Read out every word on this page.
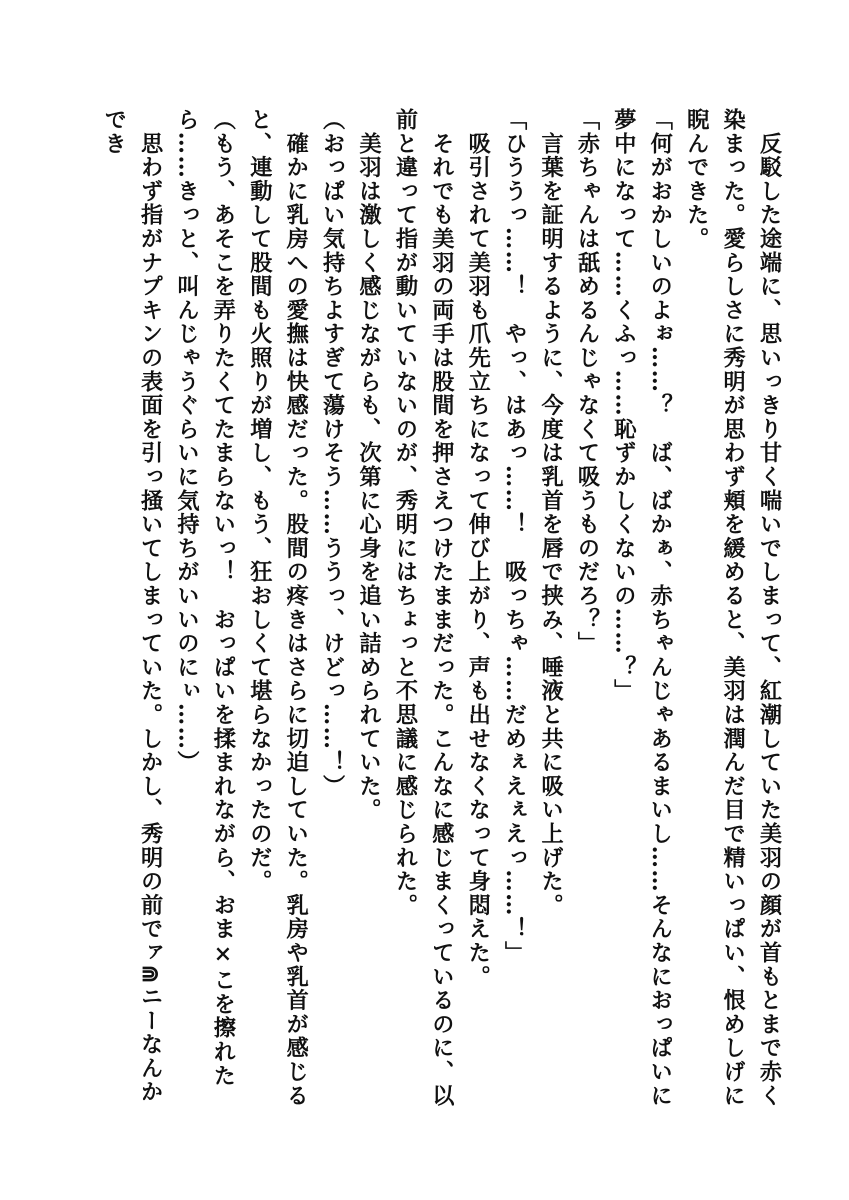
　反駁した途端に、思いっきり甘く喘いでしまって、紅潮していた美羽の顔が首もとまで赤く染まった。愛らしさに秀明が思わず頬を緩めると、美羽は潤んだ目で精いっぱい、恨めしげに睨んできた。

「何がおかしいのよぉ……？　ば、ばかぁ、赤ちゃんじゃあるまいし……そんなにおっぱいに夢中になって……くふっ……恥ずかしくないの……？」

「赤ちゃんは舐めるんじゃなくて吸うものだろ？」

　言葉を証明するように、今度は乳首を唇で挟み、唾液と共に吸い上げた。

「ひううっ……！　やっ、はあっ……！　吸っちゃ……だめぇえぇえっ……！」

　吸引されて美羽も爪先立ちになって伸び上がり、声も出せなくなって身悶えた。

　それでも美羽の両手は股間を押さえつけたままだった。こんなに感じまくっているのに、以前と違って指が動いていないのが、秀明にはちょっと不思議に感じられた。

　美羽は激しく感じながらも、次第に心身を追い詰められていた。

（おっぱい気持ちよすぎて蕩けそう……ううっ、けどっ……！）

　確かに乳房への愛撫は快感だった。股間の疼きはさらに切迫していた。乳房や乳首が感じると、連動して股間も火照りが増し、もう、狂おしくて堪らなかったのだ。

（もう、あそこを弄りたくてたまらないっ！　おっぱいを揉まれながら、おま×こを擦れたら……きっと、叫んじゃうぐらいに気持ちがいいのにぃ……）

　思わず指がナプキンの表面を引っ掻いてしまっていた。しかし、秀明の前でァ⋒ニーなんかでき
